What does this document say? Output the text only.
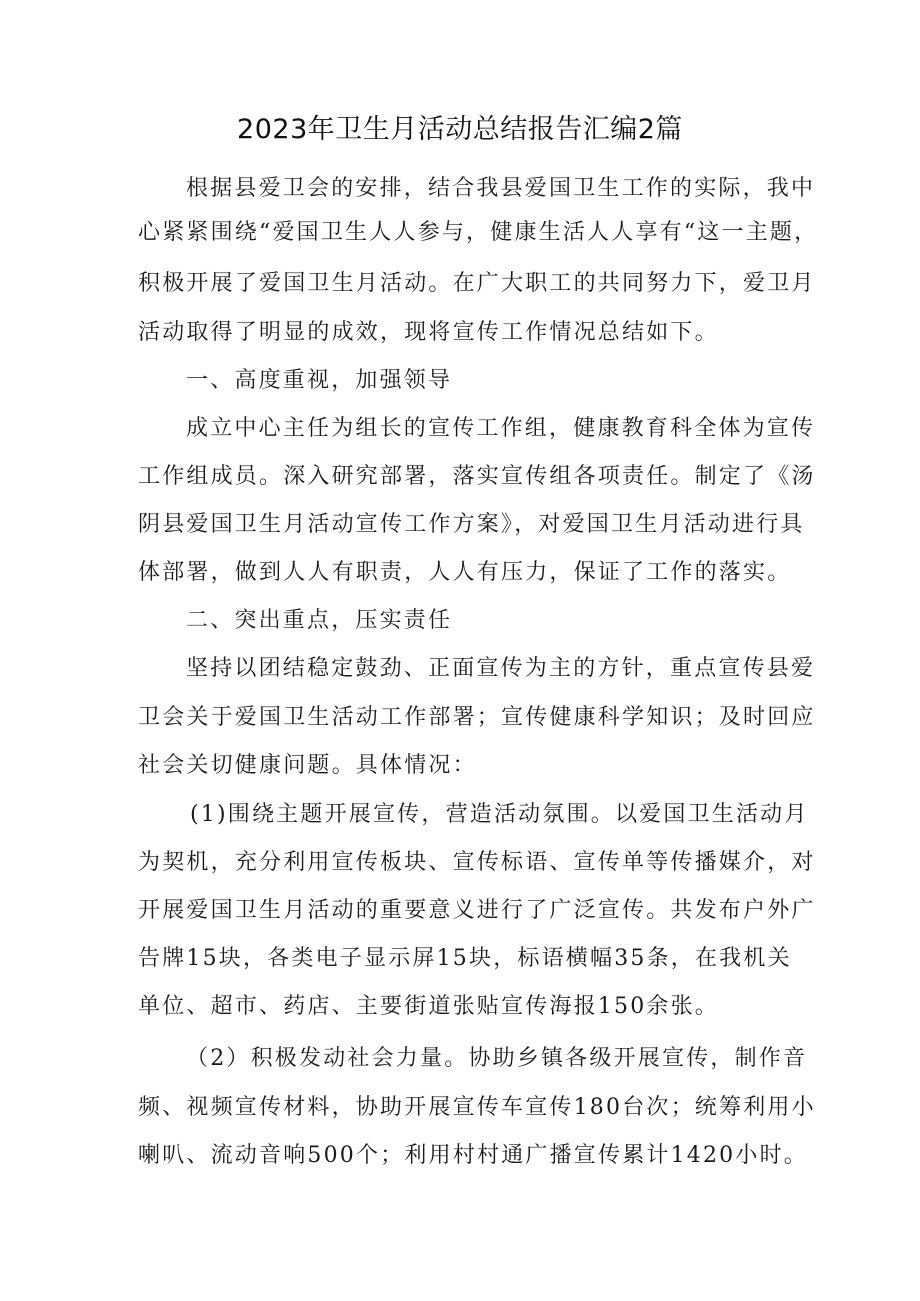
2023年卫生月活动总结报告汇编2篇
根据县爱卫会的安排，结合我县爱国卫生工作的实际，我中
心紧紧围绕“爱国卫生人人参与，健康生活人人享有“这一主题，
积极开展了爱国卫生月活动。在广大职工的共同努力下，爱卫月
活动取得了明显的成效，现将宣传工作情况总结如下。
一、高度重视，加强领导
成立中心主任为组长的宣传工作组，健康教育科全体为宣传
工作组成员。深入研究部署，落实宣传组各项责任。制定了《汤
阴县爱国卫生月活动宣传工作方案》，对爱国卫生月活动进行具
体部署，做到人人有职责，人人有压力，保证了工作的落实。
二、突出重点，压实责任
坚持以团结稳定鼓劲、正面宣传为主的方针，重点宣传县爱
卫会关于爱国卫生活动工作部署；宣传健康科学知识；及时回应
社会关切健康问题。具体情况：
(1)围绕主题开展宣传，营造活动氛围。以爱国卫生活动月
为契机，充分利用宣传板块、宣传标语、宣传单等传播媒介，对
开展爱国卫生月活动的重要意义进行了广泛宣传。共发布户外广
告牌15块，各类电子显示屏15块，标语横幅35条，在我机关
单位、超市、药店、主要街道张贴宣传海报150余张。
（2）积极发动社会力量。协助乡镇各级开展宣传，制作音
频、视频宣传材料，协助开展宣传车宣传180台次；统筹利用小
喇叭、流动音响500个；利用村村通广播宣传累计1420小时。
